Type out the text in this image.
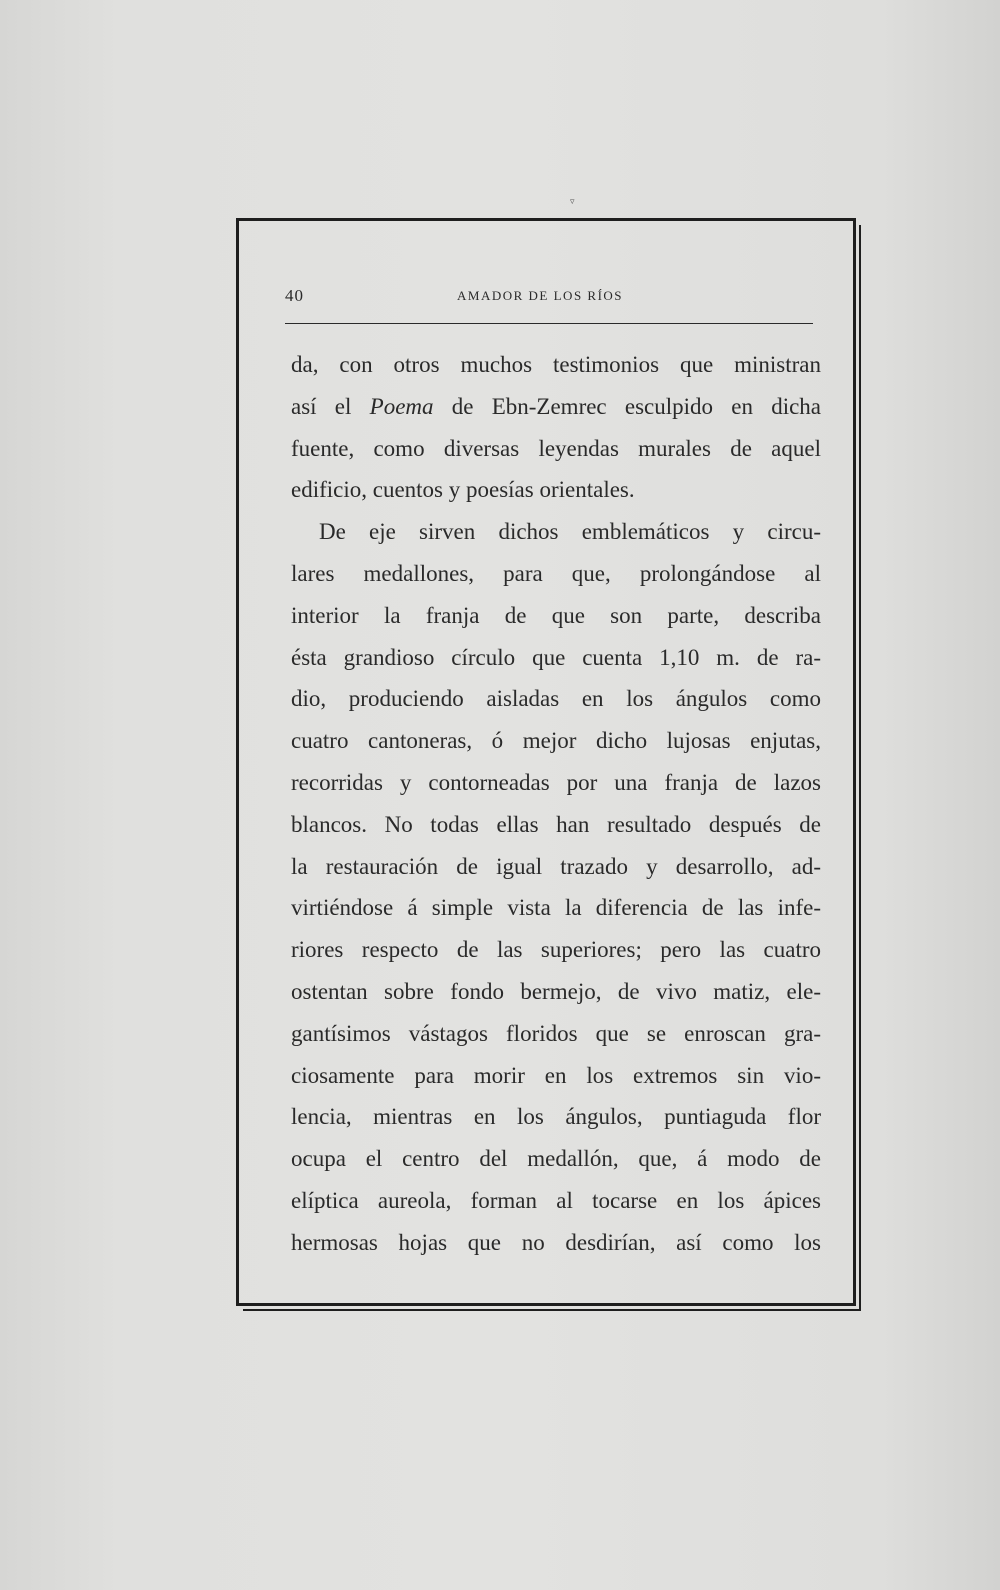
▿
40	AMADOR DE LOS RÍOS
da, con otros muchos testimonios que ministran
así el Poema de Ebn-Zemrec esculpido en dicha
fuente, como diversas leyendas murales de aquel
edificio, cuentos y poesías orientales.
De eje sirven dichos emblemáticos y circu-
lares medallones, para que, prolongándose al
interior la franja de que son parte, describa
ésta grandioso círculo que cuenta 1,10 m. de ra-
dio, produciendo aisladas en los ángulos como
cuatro cantoneras, ó mejor dicho lujosas enjutas,
recorridas y contorneadas por una franja de lazos
blancos. No todas ellas han resultado después de
la restauración de igual trazado y desarrollo, ad-
virtiéndose á simple vista la diferencia de las infe-
riores respecto de las superiores; pero las cuatro
ostentan sobre fondo bermejo, de vivo matiz, ele-
gantísimos vástagos floridos que se enroscan gra-
ciosamente para morir en los extremos sin vio-
lencia, mientras en los ángulos, puntiaguda flor
ocupa el centro del medallón, que, á modo de
elíptica aureola, forman al tocarse en los ápices
hermosas hojas que no desdirían, así como los
